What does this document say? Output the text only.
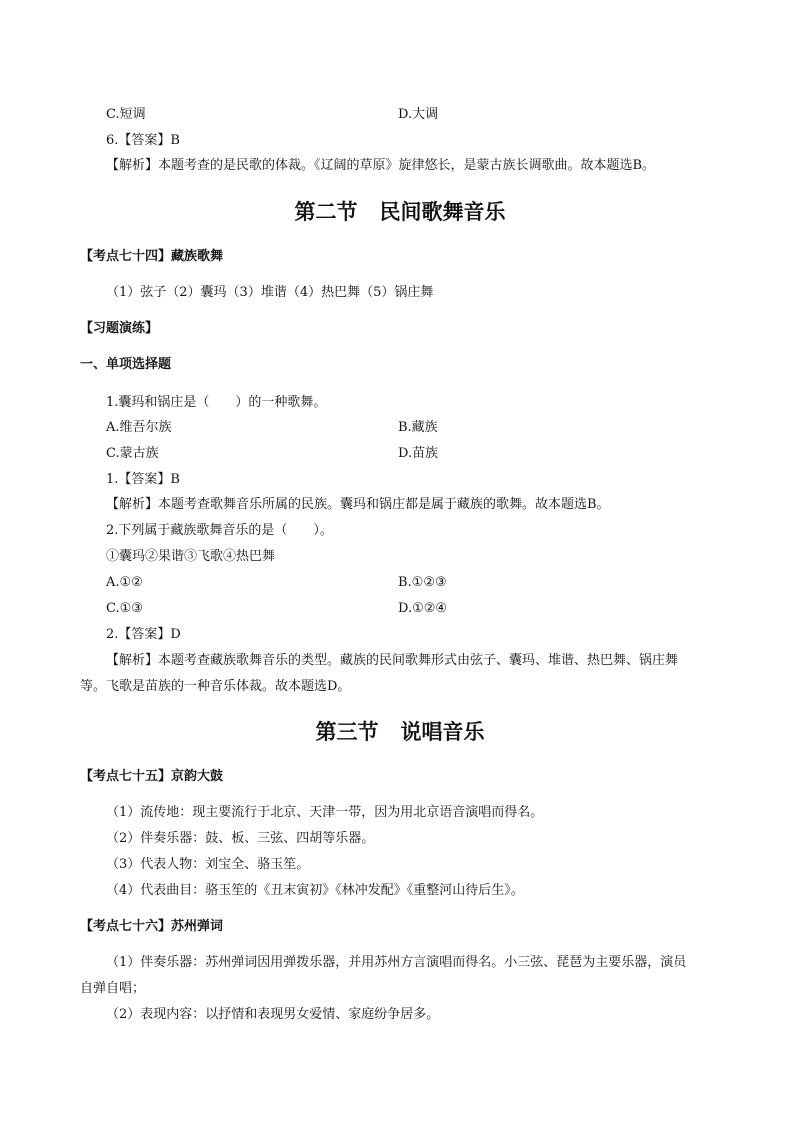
C.短调	D.大调
6.【答案】B
【解析】本题考查的是民歌的体裁。《辽阔的草原》旋律悠长，是蒙古族长调歌曲。故本题选B。
第二节 民间歌舞音乐
【考点七十四】藏族歌舞
（1）弦子（2）囊玛（3）堆谐（4）热巴舞（5）锅庄舞
【习题演练】
一、单项选择题
1.囊玛和锅庄是（　　）的一种歌舞。
A.维吾尔族	B.藏族
C.蒙古族	D.苗族
1.【答案】B
【解析】本题考查歌舞音乐所属的民族。囊玛和锅庄都是属于藏族的歌舞。故本题选B。
2.下列属于藏族歌舞音乐的是（　　）。
①囊玛②果谐③飞歌④热巴舞
A.①②	B.①②③
C.①③	D.①②④
2.【答案】D
【解析】本题考查藏族歌舞音乐的类型。藏族的民间歌舞形式由弦子、囊玛、堆谐、热巴舞、锅庄舞
等。飞歌是苗族的一种音乐体裁。故本题选D。
第三节 说唱音乐
【考点七十五】京韵大鼓
（1）流传地：现主要流行于北京、天津一带，因为用北京语音演唱而得名。
（2）伴奏乐器：鼓、板、三弦、四胡等乐器。
（3）代表人物：刘宝全、骆玉笙。
（4）代表曲目：骆玉笙的《丑末寅初》《林冲发配》《重整河山待后生》。
【考点七十六】苏州弹词
（1）伴奏乐器：苏州弹词因用弹拨乐器，并用苏州方言演唱而得名。小三弦、琵琶为主要乐器，演员
自弹自唱；
（2）表现内容：以抒情和表现男女爱情、家庭纷争居多。
